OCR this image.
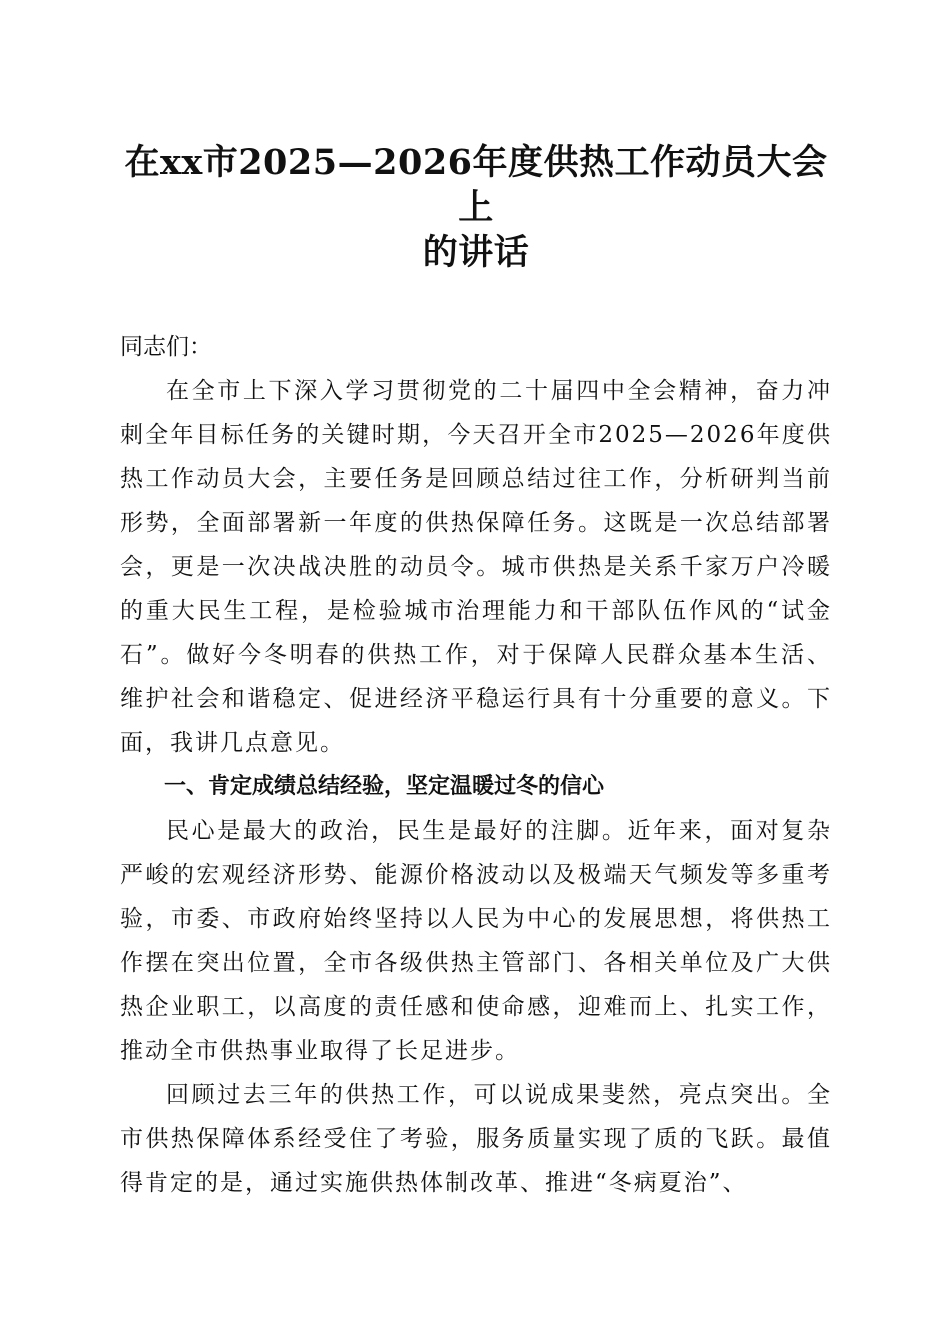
在xx市2025—2026年度供热工作动员大会上
的讲话
同志们：

在全市上下深入学习贯彻党的二十届四中全会精神，奋力冲刺全年目标任务的关键时期，今天召开全市2025—2026年度供热工作动员大会，主要任务是回顾总结过往工作，分析研判当前形势，全面部署新一年度的供热保障任务。这既是一次总结部署会，更是一次决战决胜的动员令。城市供热是关系千家万户冷暖的重大民生工程，是检验城市治理能力和干部队伍作风的“试金石”。做好今冬明春的供热工作，对于保障人民群众基本生活、维护社会和谐稳定、促进经济平稳运行具有十分重要的意义。下面，我讲几点意见。

一、肯定成绩总结经验，坚定温暖过冬的信心

民心是最大的政治，民生是最好的注脚。近年来，面对复杂严峻的宏观经济形势、能源价格波动以及极端天气频发等多重考验，市委、市政府始终坚持以人民为中心的发展思想，将供热工作摆在突出位置，全市各级供热主管部门、各相关单位及广大供热企业职工，以高度的责任感和使命感，迎难而上、扎实工作，推动全市供热事业取得了长足进步。

回顾过去三年的供热工作，可以说成果斐然，亮点突出。全市供热保障体系经受住了考验，服务质量实现了质的飞跃。最值得肯定的是，通过实施供热体制改革、推进“冬病夏治”、
